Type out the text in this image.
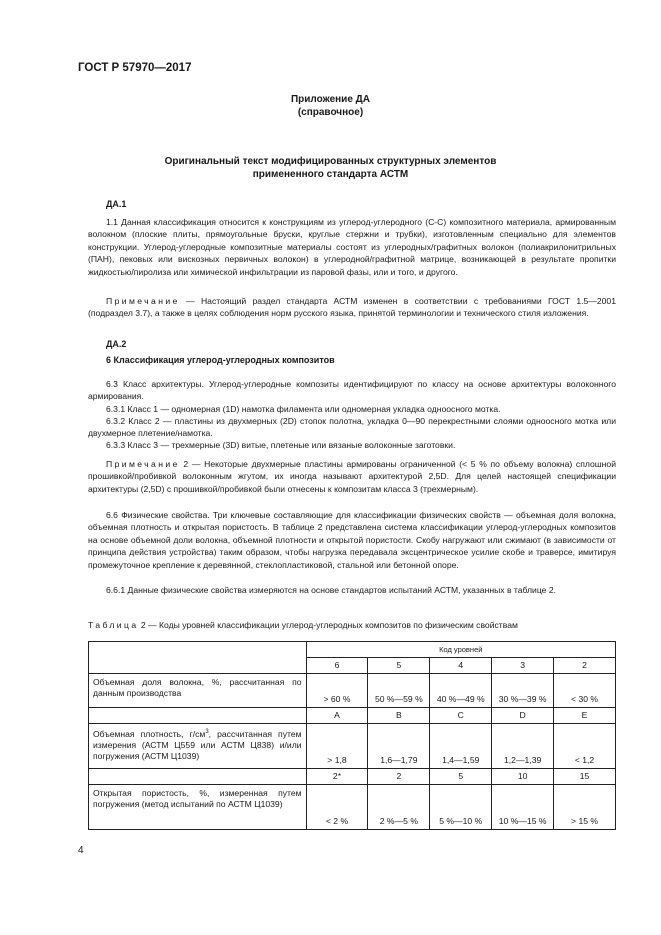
ГОСТ Р 57970—2017
Приложение ДА
(справочное)
Оригинальный текст модифицированных структурных элементов
примененного стандарта АСТМ
ДА.1
1.1 Данная классификация относится к конструкциям из углерод-углеродного (С-С) композитного материала, армированным волокном (плоские плиты, прямоугольные бруски, круглые стержни и трубки), изготовленным специально для элементов конструкции. Углерод-углеродные композитные материалы состоят из углеродных/графитных волокон (полиакрилонитрильных (ПАН), пековых или вискозных первичных волокон) в углеродной/графитной матрице, возникающей в результате пропитки жидкостью/пиролиза или химической инфильтрации из паровой фазы, или и того, и другого.
Примечание — Настоящий раздел стандарта АСТМ изменен в соответствии с требованиями ГОСТ 1.5—2001 (подраздел 3.7), а также в целях соблюдения норм русского языка, принятой терминологии и технического стиля изложения.
ДА.2
6 Классификация углерод-углеродных композитов
6.3 Класс архитектуры. Углерод-углеродные композиты идентифицируют по классу на основе архитектуры волоконного армирования.
6.3.1 Класс 1 — одномерная (1D) намотка филамента или одномерная укладка одноосного мотка.
6.3.2 Класс 2 — пластины из двухмерных (2D) стопок полотна, укладка 0—90 перекрестными слоями одноосного мотка или двухмерное плетение/намотка.
6.3.3 Класс 3 — трехмерные (3D) витые, плетеные или вязаные волоконные заготовки.
Примечание 2 — Некоторые двухмерные пластины армированы ограниченной (< 5 % по объему волокна) сплошной прошивкой/пробивкой волоконным жгутом, их иногда называют архитектурой 2,5D. Для целей настоящей спецификации архитектуры (2,5D) с прошивкой/пробивкой были отнесены к композитам класса 3 (трехмерным).
6.6 Физические свойства. Три ключевые составляющие для классификации физических свойств — объемная доля волокна, объемная плотность и открытая пористость. В таблице 2 представлена система классификации углерод-углеродных композитов на основе объемной доли волокна, объемной плотности и открытой пористости. Скобу нагружают или сжимают (в зависимости от принципа действия устройства) таким образом, чтобы нагрузка передавала эксцентрическое усилие скобе и траверсе, имитируя промежуточное крепление к деревянной, стеклопластиковой, стальной или бетонной опоре.
6.6.1 Данные физические свойства измеряются на основе стандартов испытаний АСТМ, указанных в таблице 2.
Таблица 2 — Коды уровней классификации углерод-углеродных композитов по физическим свойствам
	Код уровней				
	6	5	4	3	2
Объемная доля волокна, %, рассчитанная по данным производства	> 60 %	50 %—59 %	40 %—49 %	30 %—39 %	< 30 %
	A	B	C	D	E
Объемная плотность, $г/см^3$, рассчитанная путем измерения (АСТМ Ц559 или АСТМ Ц838) и/или погружения (АСТМ Ц1039)	> 1,8	1,6—1,79	1,4—1,59	1,2—1,39	< 1,2
	2*	2	5	10	15
Открытая пористость, %, измеренная путем погружения (метод испытаний по АСТМ Ц1039)	< 2 %	2 %—5 %	5 %—10 %	10 %—15 %	> 15 %
4
